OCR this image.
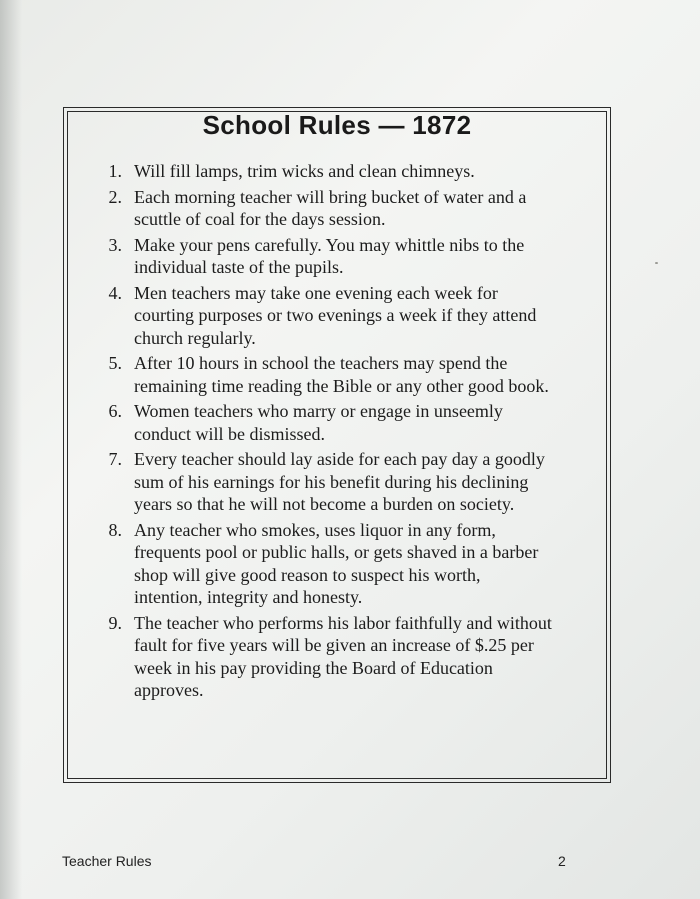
School Rules — 1872
1. Will fill lamps, trim wicks and clean chimneys.
2. Each morning teacher will bring bucket of water and a
scuttle of coal for the days session.
3. Make your pens carefully. You may whittle nibs to the
individual taste of the pupils.
4. Men teachers may take one evening each week for
courting purposes or two evenings a week if they attend
church regularly.
5. After 10 hours in school the teachers may spend the
remaining time reading the Bible or any other good book.
6. Women teachers who marry or engage in unseemly
conduct will be dismissed.
7. Every teacher should lay aside for each pay day a goodly
sum of his earnings for his benefit during his declining
years so that he will not become a burden on society.
8. Any teacher who smokes, uses liquor in any form,
frequents pool or public halls, or gets shaved in a barber
shop will give good reason to suspect his worth,
intention, integrity and honesty.
9. The teacher who performs his labor faithfully and without
fault for five years will be given an increase of $.25 per
week in his pay providing the Board of Education
approves.
Teacher Rules	2
